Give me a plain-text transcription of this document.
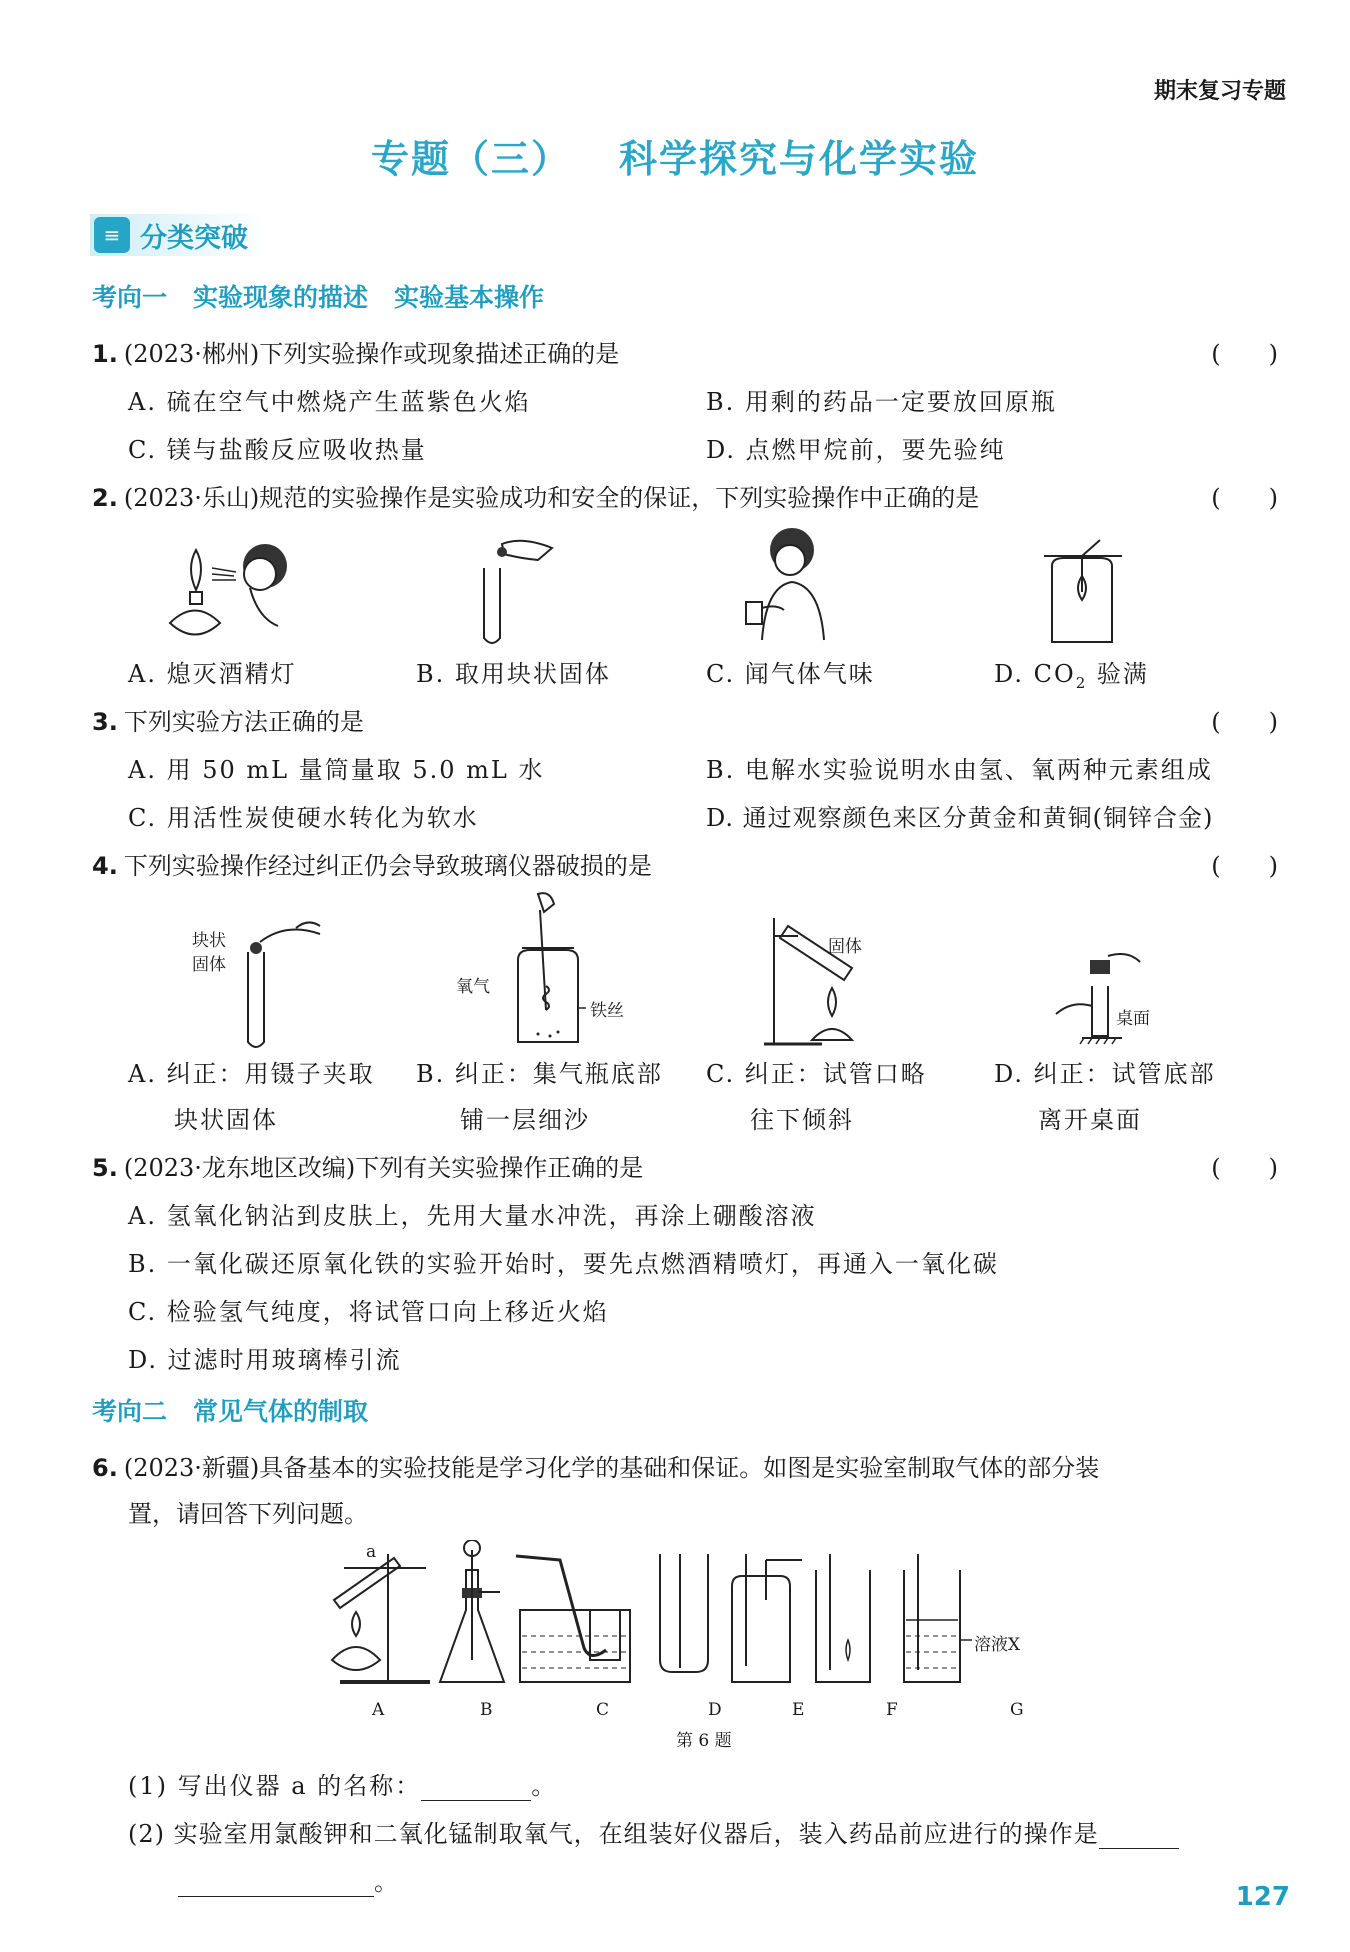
期末复习专题
专题（三） 科学探究与化学实验
≡ 分类突破
考向一 实验现象的描述 实验基本操作
1. (2023·郴州)下列实验操作或现象描述正确的是	(　　)
A. 硫在空气中燃烧产生蓝紫色火焰	B. 用剩的药品一定要放回原瓶
C. 镁与盐酸反应吸收热量	D. 点燃甲烷前，要先验纯
2. (2023·乐山)规范的实验操作是实验成功和安全的保证，下列实验操作中正确的是	(　　)
A. 熄灭酒精灯	B. 取用块状固体	C. 闻气体气味	D. $CO_2$ 验满
3. 下列实验方法正确的是	(　　)
A. 用 50 mL 量筒量取 5.0 mL 水	B. 电解水实验说明水由氢、氧两种元素组成
C. 用活性炭使硬水转化为软水	D. 通过观察颜色来区分黄金和黄铜(铜锌合金)
4. 下列实验操作经过纠正仍会导致玻璃仪器破损的是	(　　)
块状
固体
氧气
铁丝
固体
桌面
A. 纠正：用镊子夹取
块状固体
B. 纠正：集气瓶底部
铺一层细沙
C. 纠正：试管口略
往下倾斜
D. 纠正：试管底部
离开桌面
5. (2023·龙东地区改编)下列有关实验操作正确的是	(　　)
A. 氢氧化钠沾到皮肤上，先用大量水冲洗，再涂上硼酸溶液
B. 一氧化碳还原氧化铁的实验开始时，要先点燃酒精喷灯，再通入一氧化碳
C. 检验氢气纯度，将试管口向上移近火焰
D. 过滤时用玻璃棒引流
考向二 常见气体的制取
6. (2023·新疆)具备基本的实验技能是学习化学的基础和保证。如图是实验室制取气体的部分装
置，请回答下列问题。
a
溶液X
A	B	C	D	E	F	G
第 6 题
(1) 写出仪器 a 的名称：	。
(2) 实验室用氯酸钾和二氧化锰制取氧气，在组装好仪器后，装入药品前应进行的操作是
。	127
